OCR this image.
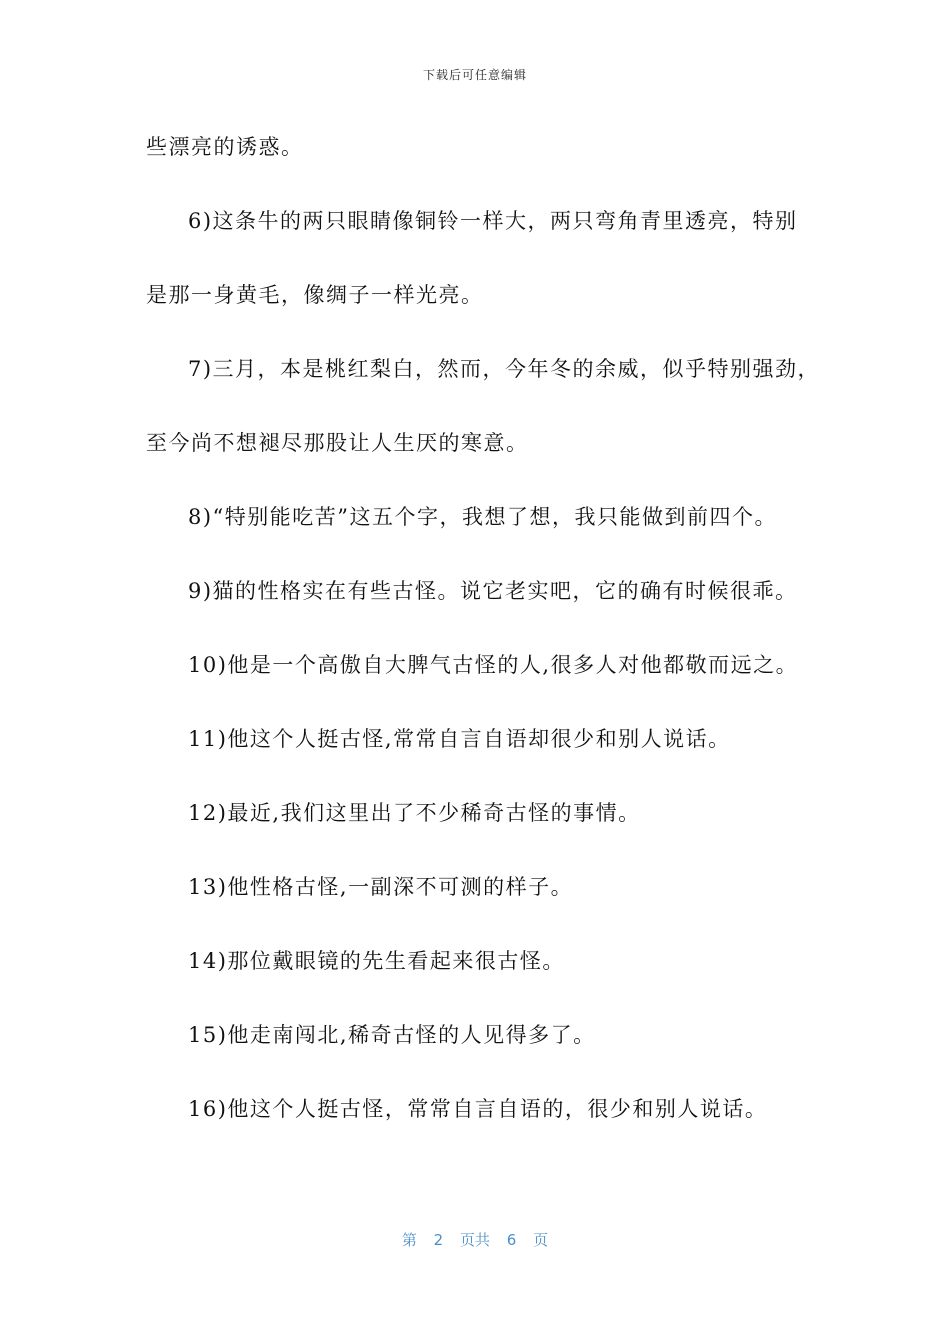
下载后可任意编辑
些漂亮的诱惑。
6)这条牛的两只眼睛像铜铃一样大，两只弯角青里透亮，特别
是那一身黄毛，像绸子一样光亮。
7)三月，本是桃红梨白，然而，今年冬的余威，似乎特别强劲，
至今尚不想褪尽那股让人生厌的寒意。
8)“特别能吃苦”这五个字，我想了想，我只能做到前四个。
9)猫的性格实在有些古怪。说它老实吧，它的确有时候很乖。
10)他是一个高傲自大脾气古怪的人,很多人对他都敬而远之。
11)他这个人挺古怪,常常自言自语却很少和别人说话。
12)最近,我们这里出了不少稀奇古怪的事情。
13)他性格古怪,一副深不可测的样子。
14)那位戴眼镜的先生看起来很古怪。
15)他走南闯北,稀奇古怪的人见得多了。
16)他这个人挺古怪，常常自言自语的，很少和别人说话。
第 2 页共 6 页
